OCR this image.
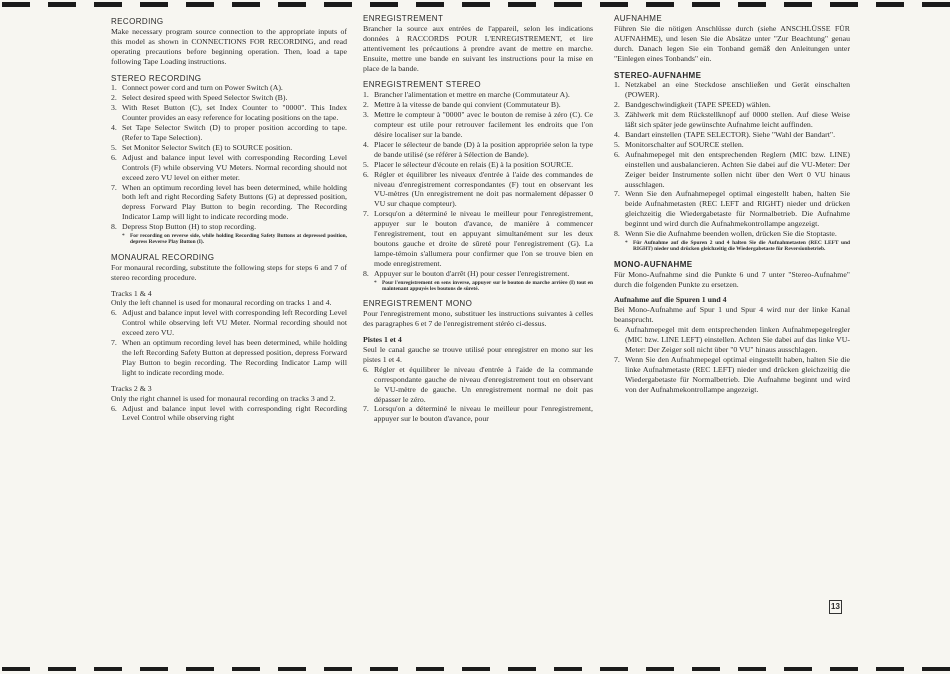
RECORDING

Make necessary program source connection to the appropriate inputs of this model as shown in CONNECTIONS FOR RECORDING, and read operating precautions before beginning operation. Then, load a tape following Tape Loading instructions.

STEREO RECORDING
1. Connect power cord and turn on Power Switch (A).
2. Select desired speed with Speed Selector Switch (B).
3. With Reset Button (C), set Index Counter to "0000". This Index Counter provides an easy reference for locating positions on the tape.
4. Set Tape Selector Switch (D) to proper position according to tape. (Refer to Tape Selection).
5. Set Monitor Selector Switch (E) to SOURCE position.
6. Adjust and balance input level with corresponding Recording Level Controls (F) while observing VU Meters. Normal recording should not exceed zero VU level on either meter.
7. When an optimum recording level has been determined, while holding both left and right Recording Safety Buttons (G) at depressed position, depress Forward Play Button to begin recording. The Recording Indicator Lamp will light to indicate recording mode.
8. Depress Stop Button (H) to stop recording.
* For recording on reverse side, while holding Recording Safety Buttons at depressed position, depress Reverse Play Button (I).
MONAURAL RECORDING

For monaural recording, substitute the following steps for steps 6 and 7 of stereo recording procedure.

Tracks 1 & 4

Only the left channel is used for monaural recording on tracks 1 and 4.

6. Adjust and balance input level with corresponding left Recording Level Control while observing left VU Meter. Normal recording should not exceed zero VU.
7. When an optimum recording level has been determined, while holding the left Recording Safety Button at depressed position, depress Forward Play Button to begin recording. The Recording Indicator Lamp will light to indicate recording mode.
Tracks 2 & 3

Only the right channel is used for monaural recording on tracks 3 and 2.

6. Adjust and balance input level with corresponding right Recording Level Control while observing right
ENREGISTREMENT

Brancher la source aux entrées de l'appareil, selon les indications données à RACCORDS POUR L'ENREGISTREMENT, et lire attentivement les précautions à prendre avant de mettre en marche. Ensuite, mettre une bande en suivant les instructions pour la mise en place de la bande.

ENREGISTREMENT STEREO
1. Brancher l'alimentation et mettre en marche (Commutateur A).
2. Mettre à la vitesse de bande qui convient (Commutateur B).
3. Mettre le compteur à "0000" avec le bouton de remise à zéro (C). Ce compteur est utile pour retrouver facilement les endroits que l'on désire localiser sur la bande.
4. Placer le sélecteur de bande (D) à la position appropriée selon la type de bande utilisé (se référer à Sélection de Bande).
5. Placer le sélecteur d'écoute en relais (E) à la position SOURCE.
6. Régler et équilibrer les niveaux d'entrée à l'aide des commandes de niveau d'enregistrement correspondantes (F) tout en observant les VU-mètres (Un enregistrement ne doit pas normalement dépasser 0 VU sur chaque compteur).
7. Lorsqu'on a déterminé le niveau le meilleur pour l'enregistrement, appuyer sur le bouton d'avance, de manière à commencer l'enregistrement, tout en appuyant simultanément sur les deux boutons gauche et droite de sûreté pour l'enregistrement (G). La lampe-témoin s'allumera pour confirmer que l'on se trouve bien en mode enregistrement.
8. Appuyer sur le bouton d'arrêt (H) pour cesser l'enregistrement.
* Pour l'enregistrement en sens inverse, appuyer sur le bouton de marche arrière (I) tout en maintenant appuyés les boutons de sûreté.
ENREGISTREMENT MONO

Pour l'enregistrement mono, substituer les instructions suivantes à celles des paragraphes 6 et 7 de l'enregistrement stéréo ci-dessus.

Pistes 1 et 4

Seul le canal gauche se trouve utilisé pour enregistrer en mono sur les pistes 1 et 4.

6. Régler et équilibrer le niveau d'entrée à l'aide de la commande correspondante gauche de niveau d'enregistrement tout en observant le VU-mètre de gauche. Un enregistrement normal ne doit pas dépasser le zéro.
7. Lorsqu'on a déterminé le niveau le meilleur pour l'enregistrement, appuyer sur le bouton d'avance, pour
AUFNAHME

Führen Sie die nötigen Anschlüsse durch (siehe ANSCHLÜSSE FÜR AUFNAHME), und lesen Sie die Absätze unter "Zur Beachtung" genau durch. Danach legen Sie ein Tonband gemäß den Anleitungen unter "Einlegen eines Tonbands" ein.

STEREO-AUFNAHME
1. Netzkabel an eine Steckdose anschließen und Gerät einschalten (POWER).
2. Bandgeschwindigkeit (TAPE SPEED) wählen.
3. Zählwerk mit dem Rückstellknopf auf 0000 stellen. Auf diese Weise läßt sich später jede gewünschte Aufnahme leicht auffinden.
4. Bandart einstellen (TAPE SELECTOR). Siehe "Wahl der Bandart".
5. Monitorschalter auf SOURCE stellen.
6. Aufnahmepegel mit den entsprechenden Reglern (MIC bzw. LINE) einstellen und ausbalancieren. Achten Sie dabei auf die VU-Meter: Der Zeiger beider Instrumente sollen nicht über den Wert 0 VU hinaus ausschlagen.
7. Wenn Sie den Aufnahmepegel optimal eingestellt haben, halten Sie beide Aufnahmetasten (REC LEFT and RIGHT) nieder und drücken gleichzeitig die Wiedergabetaste für Normalbetrieb. Die Aufnahme beginnt und wird durch die Aufnahmekontrollampe angezeigt.
8. Wenn Sie die Aufnahme beenden wollen, drücken Sie die Stoptaste.
* Für Aufnahme auf die Spuren 2 und 4 halten Sie die Aufnahmetasten (REC LEFT und RIGHT) nieder und drücken gleichzeitig die Wiedergabetaste für Reversionbetrieb.
MONO-AUFNAHME

Für Mono-Aufnahme sind die Punkte 6 und 7 unter "Stereo-Aufnahme" durch die folgenden Punkte zu ersetzen.

Aufnahme auf die Spuren 1 und 4

Bei Mono-Aufnahme auf Spur 1 und Spur 4 wird nur der linke Kanal beansprucht.

6. Aufnahmepegel mit dem entsprechenden linken Aufnahmepegelregler (MIC bzw. LINE LEFT) einstellen. Achten Sie dabei auf das linke VU-Meter: Der Zeiger soll nicht über "0 VU" hinaus ausschlagen.
7. Wenn Sie den Aufnahmepegel optimal eingestellt haben, halten Sie die linke Aufnahmetaste (REC LEFT) nieder und drücken gleichzeitig die Wiedergabetaste für Normalbetrieb. Die Aufnahme beginnt und wird von der Aufnahmekontrollampe angezeigt.
13
